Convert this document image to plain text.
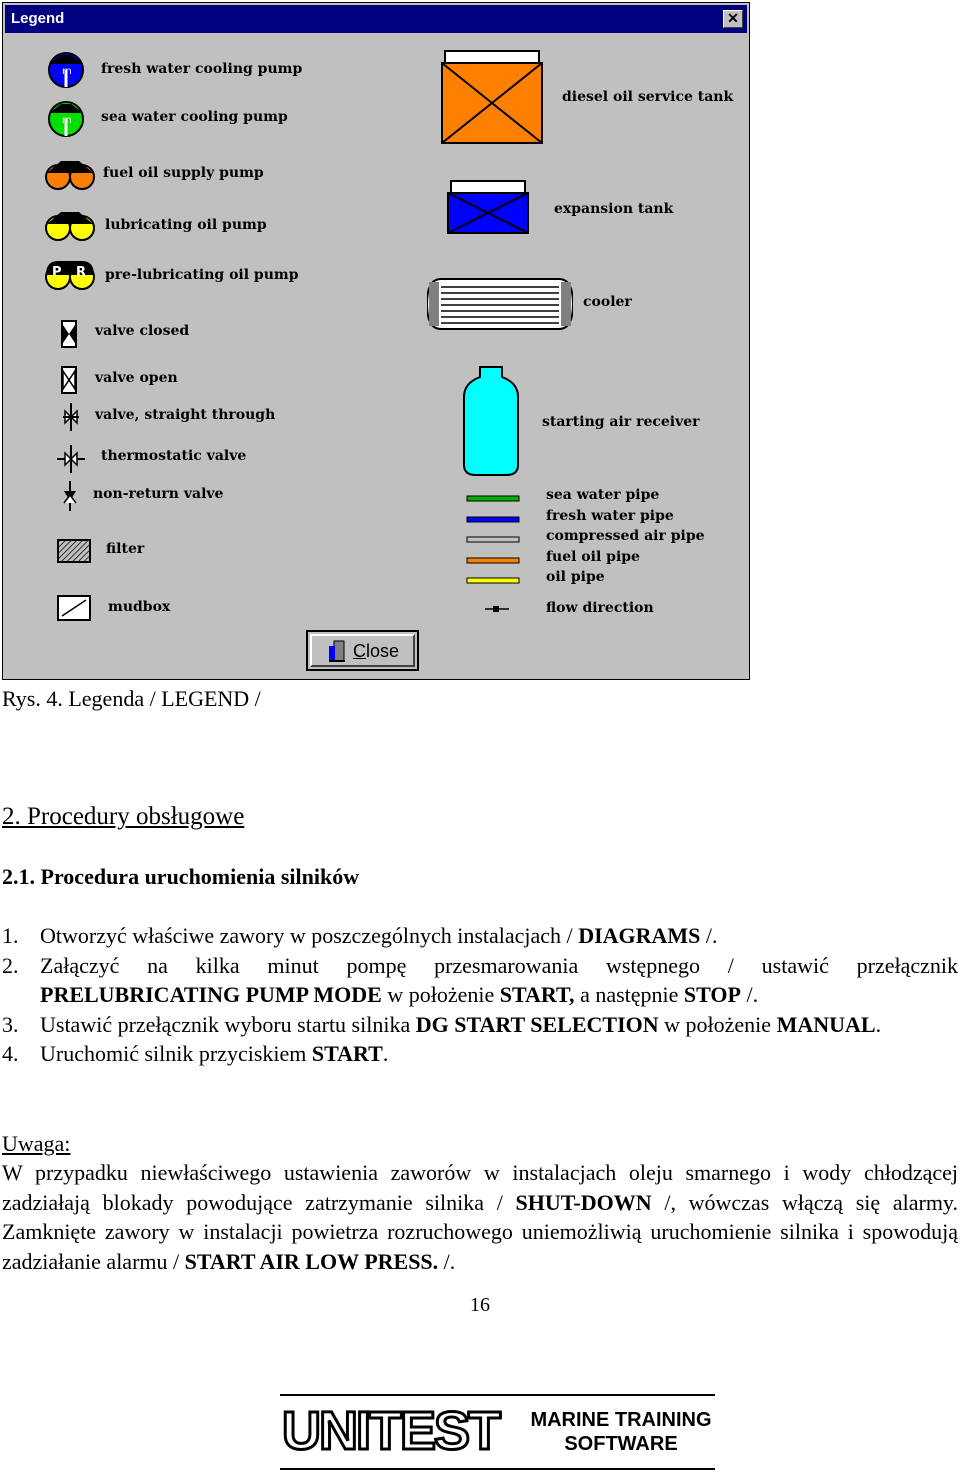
Legend	✕
m
m
P R
fresh water cooling pump
sea water cooling pump
fuel oil supply pump
lubricating oil pump
pre-lubricating oil pump
valve closed
valve open
valve, straight through
thermostatic valve
non-return valve
filter
mudbox
diesel oil service tank
expansion tank
cooler
starting air receiver
sea water pipe
fresh water pipe
compressed air pipe
fuel oil pipe
oil pipe
flow direction
Close
Rys. 4. Legenda / LEGEND /
2. Procedury obsługowe
2.1. Procedura uruchomienia silników
1. Otworzyć właściwe zawory w poszczególnych instalacjach / DIAGRAMS /.
2. Załączyć na kilka minut pompę przesmarowania wstępnego / ustawić przełącznik PRELUBRICATING PUMP MODE w położenie START, a następnie STOP /.
3. Ustawić przełącznik wyboru startu silnika DG START SELECTION w położenie MANUAL.
4. Uruchomić silnik przyciskiem START.
Uwaga:
W przypadku niewłaściwego ustawienia zaworów w instalacjach oleju smarnego i wody chłodzącej zadziałają blokady powodujące zatrzymanie silnika / SHUT-DOWN /, wówczas włączą się alarmy. Zamknięte zawory w instalacji powietrza rozruchowego uniemożliwią uruchomienie silnika i spowodują zadziałanie alarmu / START AIR LOW PRESS. /.
16
UNITEST MARINE TRAINING
SOFTWARE
